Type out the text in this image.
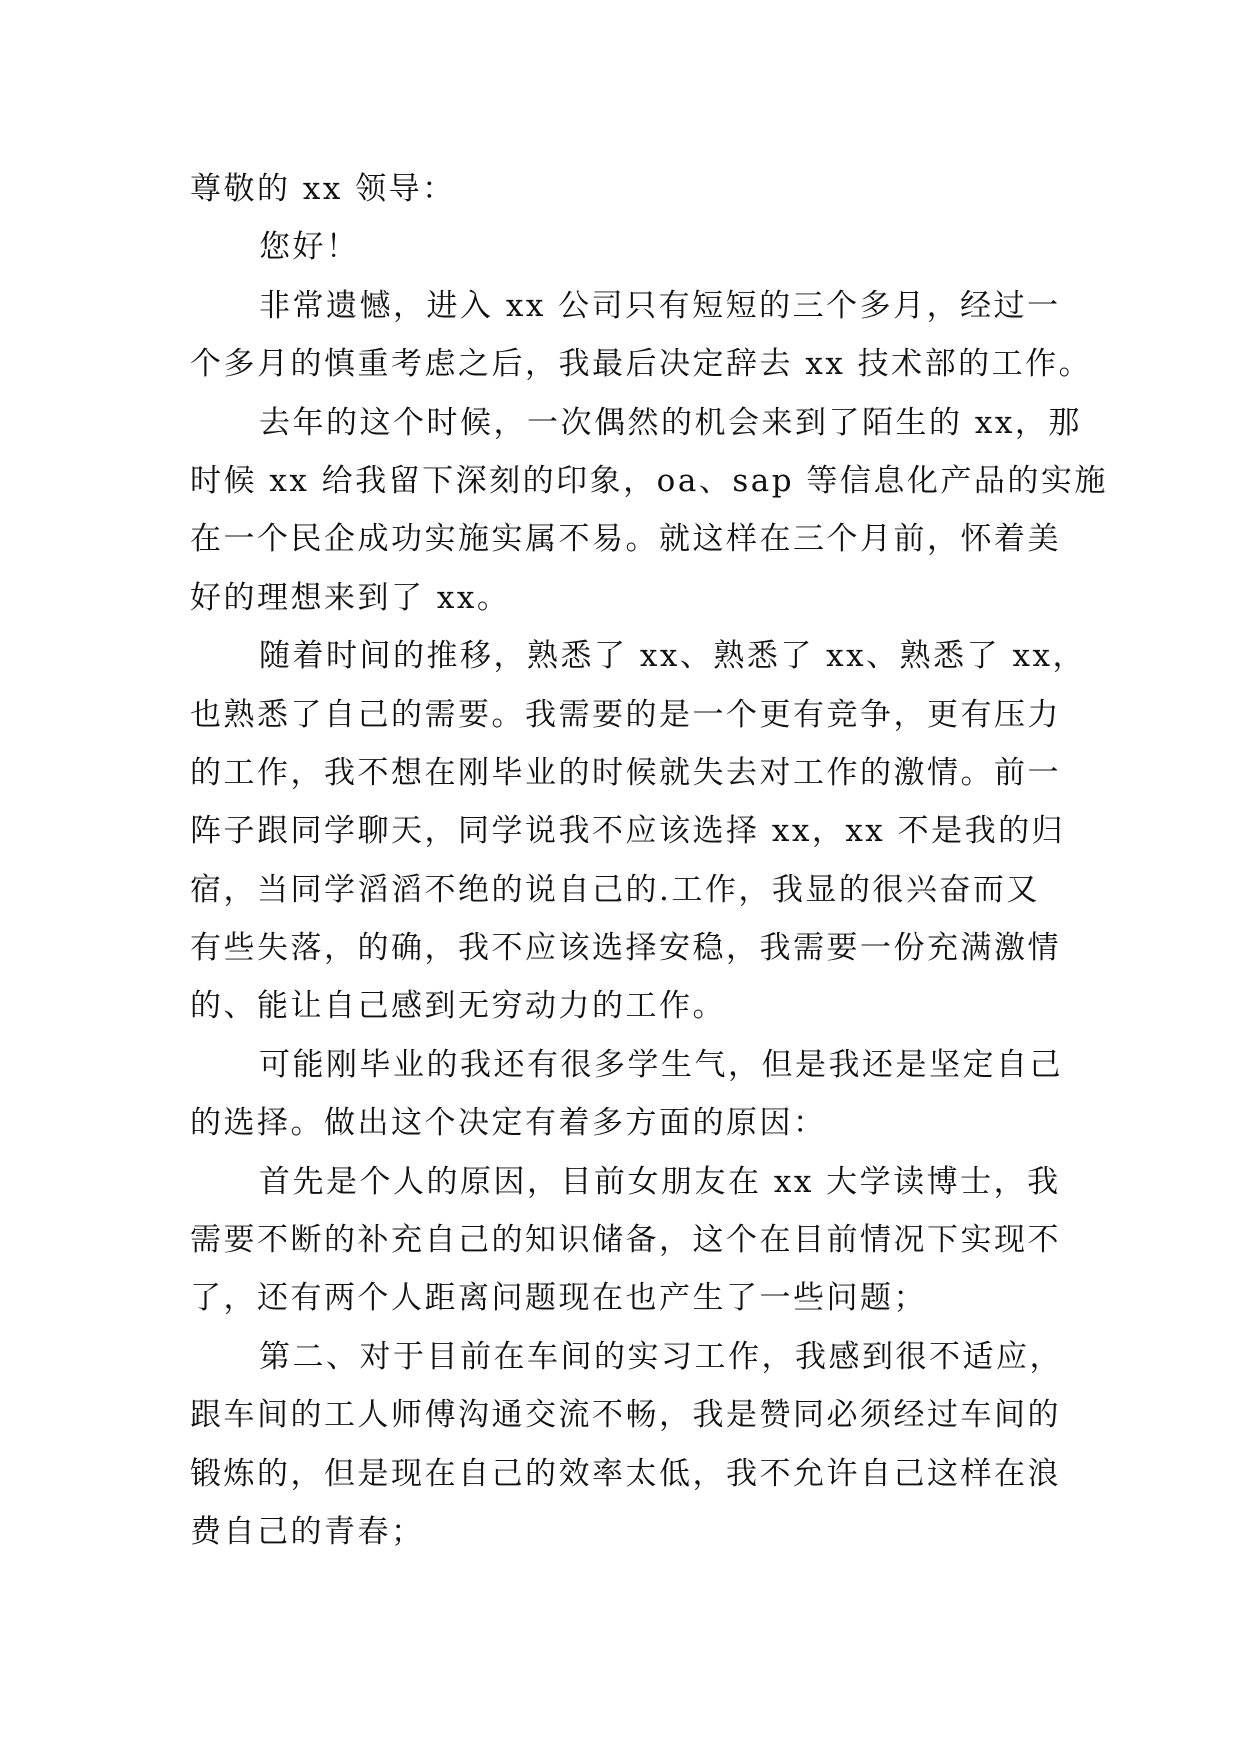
尊敬的 xx 领导：
您好！
非常遗憾，进入 xx 公司只有短短的三个多月，经过一
个多月的慎重考虑之后，我最后决定辞去 xx 技术部的工作。
去年的这个时候，一次偶然的机会来到了陌生的 xx，那
时候 xx 给我留下深刻的印象，oa、sap 等信息化产品的实施
在一个民企成功实施实属不易。就这样在三个月前，怀着美
好的理想来到了 xx。
随着时间的推移，熟悉了 xx、熟悉了 xx、熟悉了 xx，
也熟悉了自己的需要。我需要的是一个更有竞争，更有压力
的工作，我不想在刚毕业的时候就失去对工作的激情。前一
阵子跟同学聊天，同学说我不应该选择 xx，xx 不是我的归
宿，当同学滔滔不绝的说自己的.工作，我显的很兴奋而又
有些失落，的确，我不应该选择安稳，我需要一份充满激情
的、能让自己感到无穷动力的工作。
可能刚毕业的我还有很多学生气，但是我还是坚定自己
的选择。做出这个决定有着多方面的原因：
首先是个人的原因，目前女朋友在 xx 大学读博士，我
需要不断的补充自己的知识储备，这个在目前情况下实现不
了，还有两个人距离问题现在也产生了一些问题；
第二、对于目前在车间的实习工作，我感到很不适应，
跟车间的工人师傅沟通交流不畅，我是赞同必须经过车间的
锻炼的，但是现在自己的效率太低，我不允许自己这样在浪
费自己的青春；
